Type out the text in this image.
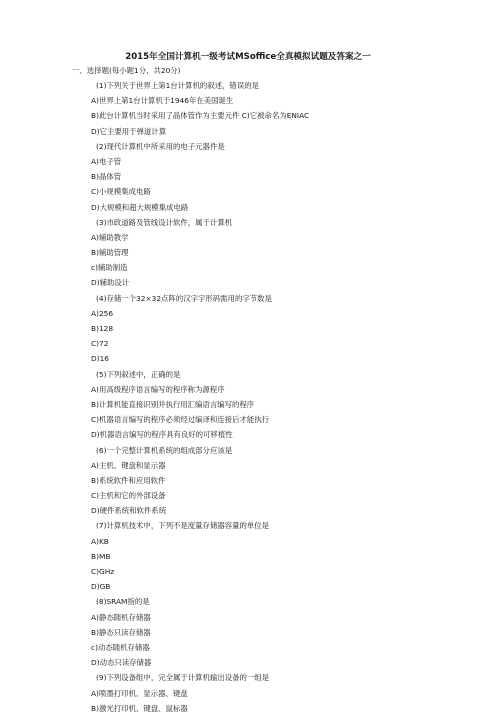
2015年全国计算机一级考试MSoffice全真模拟试题及答案之一
一、选择题(每小题1分，共20分)
(1)下列关于世界上第1台计算机的叙述，错误的是
A)世界上第1台计算机于1946年在美国诞生
B)此台计算机当时采用了晶体管作为主要元件 C)它被命名为ENIAC
D)它主要用于弹道计算
(2)现代计算机中所采用的电子元器件是
A)电子管
B)晶体管
C)小规模集成电路
D)大规模和超大规模集成电路
(3)市政道路及管线设计软件，属于计算机
A)辅助教学
B)辅助管理
c)辅助制造
D)辅助设计
(4)存储一个32×32点阵的汉字字形码需用的字节数是
A)256
B)128
C)72
D)16
(5)下列叙述中，正确的是
A)用高级程序语言编写的程序称为源程序
B)计算机能直接识别并执行用汇编语言编写的程序
C)机器语言编写的程序必须经过编译和连接后才能执行
D)机器语言编写的程序具有良好的可移植性
(6)一个完整计算机系统的组成部分应该是
A)主机、键盘和显示器
B)系统软件和应用软件
C)主机和它的外部设备
D)硬件系统和软件系统
(7)计算机技术中，下列不是度量存储器容量的单位是
A)KB
B)MB
C)GHz
D)GB
(8)SRAM指的是
A)静态随机存储器
B)静态只读存储器
c)动态随机存储器
D)动态只读存储器
(9)下列设备组中，完全属于计算机输出设备的一组是
A)喷墨打印机、显示器、键盘
B)激光打印机、键盘、鼠标器
